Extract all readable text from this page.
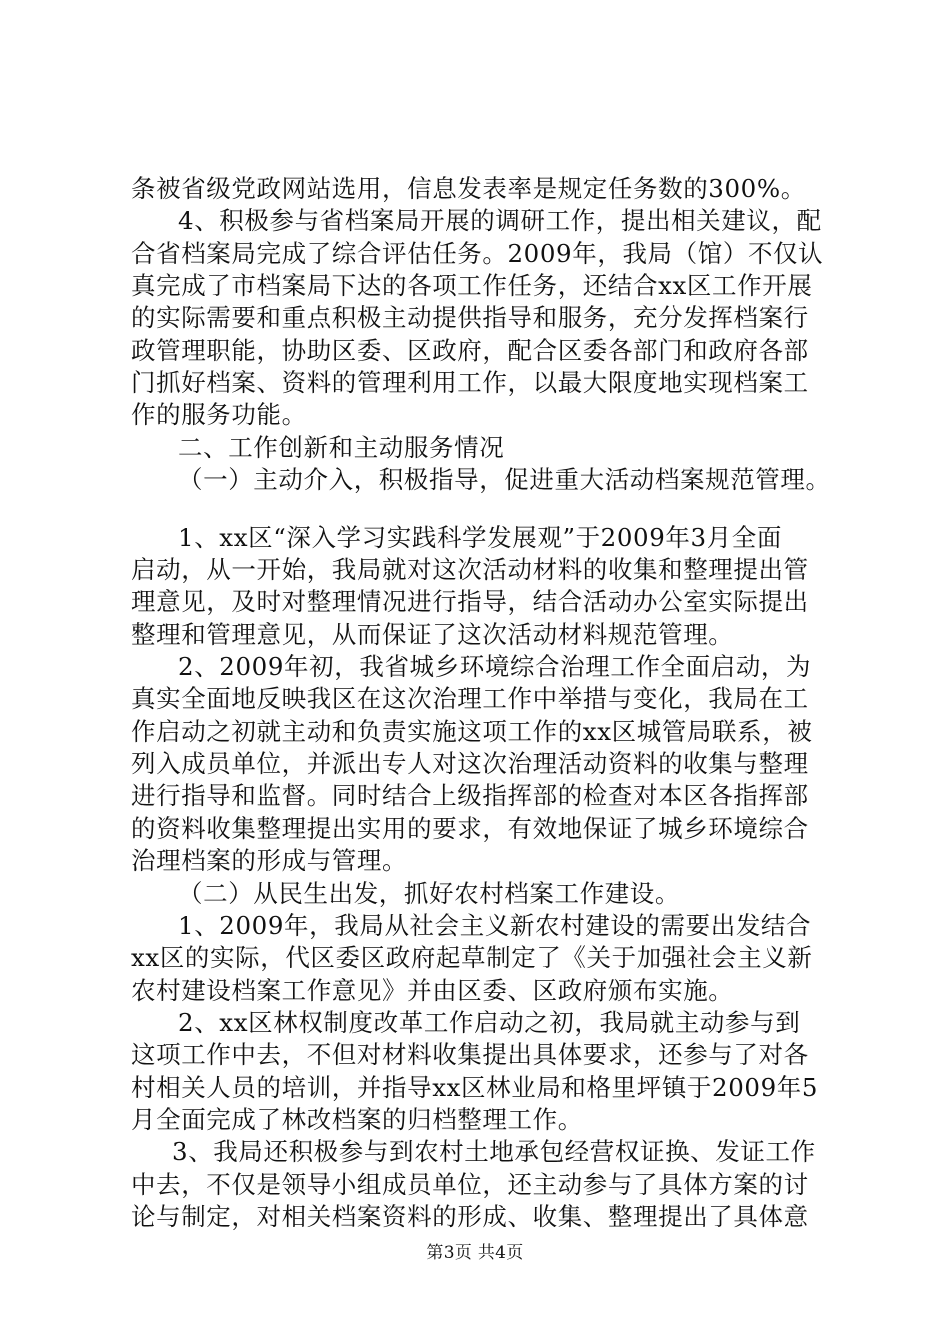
条被省级党政网站选用，信息发表率是规定任务数的300%。
4、积极参与省档案局开展的调研工作，提出相关建议，配
合省档案局完成了综合评估任务。2009年，我局（馆）不仅认
真完成了市档案局下达的各项工作任务，还结合xx区工作开展
的实际需要和重点积极主动提供指导和服务，充分发挥档案行
政管理职能，协助区委、区政府，配合区委各部门和政府各部
门抓好档案、资料的管理利用工作，以最大限度地实现档案工
作的服务功能。
二、工作创新和主动服务情况
（一）主动介入，积极指导，促进重大活动档案规范管理。
1、xx区“深入学习实践科学发展观”于2009年3月全面
启动，从一开始，我局就对这次活动材料的收集和整理提出管
理意见，及时对整理情况进行指导，结合活动办公室实际提出
整理和管理意见，从而保证了这次活动材料规范管理。
2、2009年初，我省城乡环境综合治理工作全面启动，为
真实全面地反映我区在这次治理工作中举措与变化，我局在工
作启动之初就主动和负责实施这项工作的xx区城管局联系，被
列入成员单位，并派出专人对这次治理活动资料的收集与整理
进行指导和监督。同时结合上级指挥部的检查对本区各指挥部
的资料收集整理提出实用的要求，有效地保证了城乡环境综合
治理档案的形成与管理。
（二）从民生出发，抓好农村档案工作建设。
1、2009年，我局从社会主义新农村建设的需要出发结合
xx区的实际，代区委区政府起草制定了《关于加强社会主义新
农村建设档案工作意见》并由区委、区政府颁布实施。
2、xx区林权制度改革工作启动之初，我局就主动参与到
这项工作中去，不但对材料收集提出具体要求，还参与了对各
村相关人员的培训，并指导xx区林业局和格里坪镇于2009年5
月全面完成了林改档案的归档整理工作。
3、我局还积极参与到农村土地承包经营权证换、发证工作
中去，不仅是领导小组成员单位，还主动参与了具体方案的讨
论与制定，对相关档案资料的形成、收集、整理提出了具体意
第3页 共4页
